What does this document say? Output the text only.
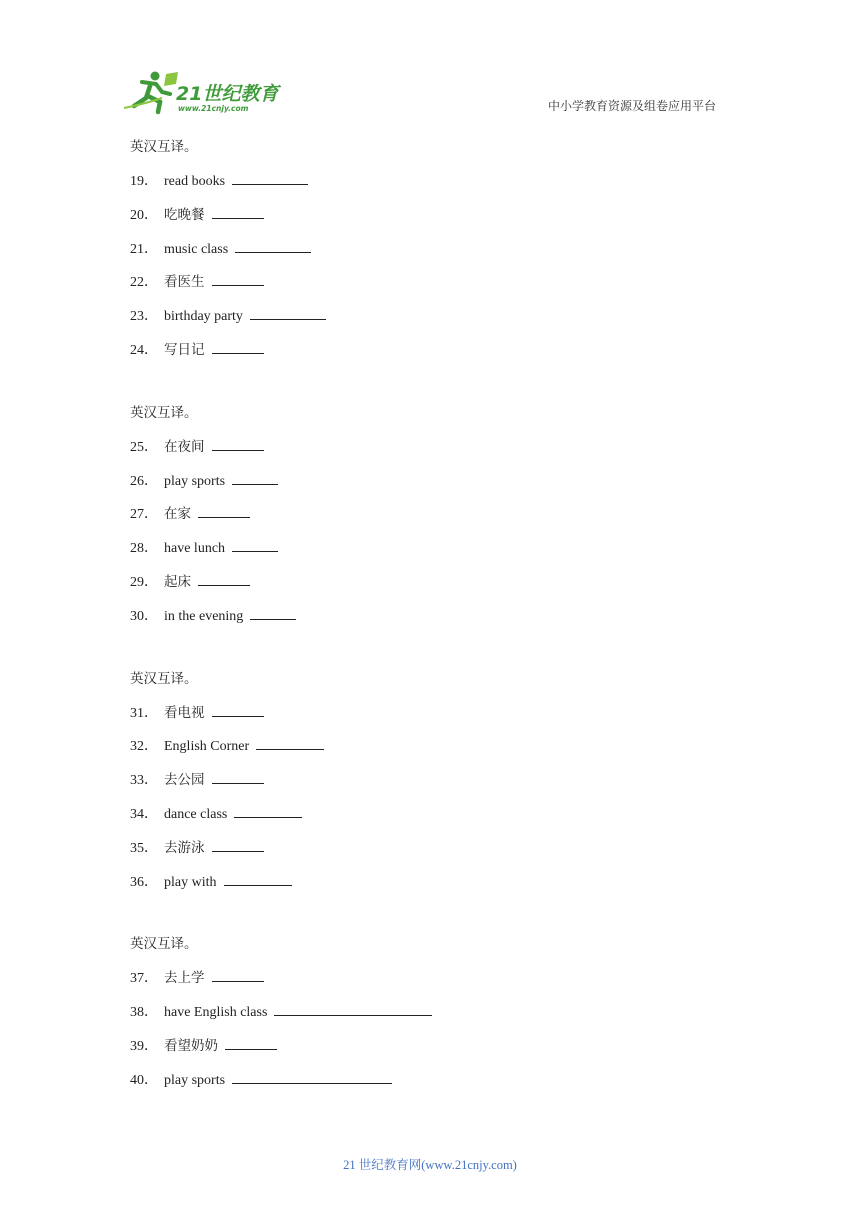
21世纪教育
www.21cnjy.com	中小学教育资源及组卷应用平台
英汉互译。
19． read books
20． 吃晚餐
21． music class
22． 看医生
23． birthday party
24． 写日记
英汉互译。
25． 在夜间
26． play sports
27． 在家
28． have lunch
29． 起床
30． in the evening
英汉互译。
31． 看电视
32． English Corner
33． 去公园
34． dance class
35． 去游泳
36． play with
英汉互译。
37． 去上学
38． have English class
39． 看望奶奶
40． play sports
21 世纪教育网(www.21cnjy.com)
